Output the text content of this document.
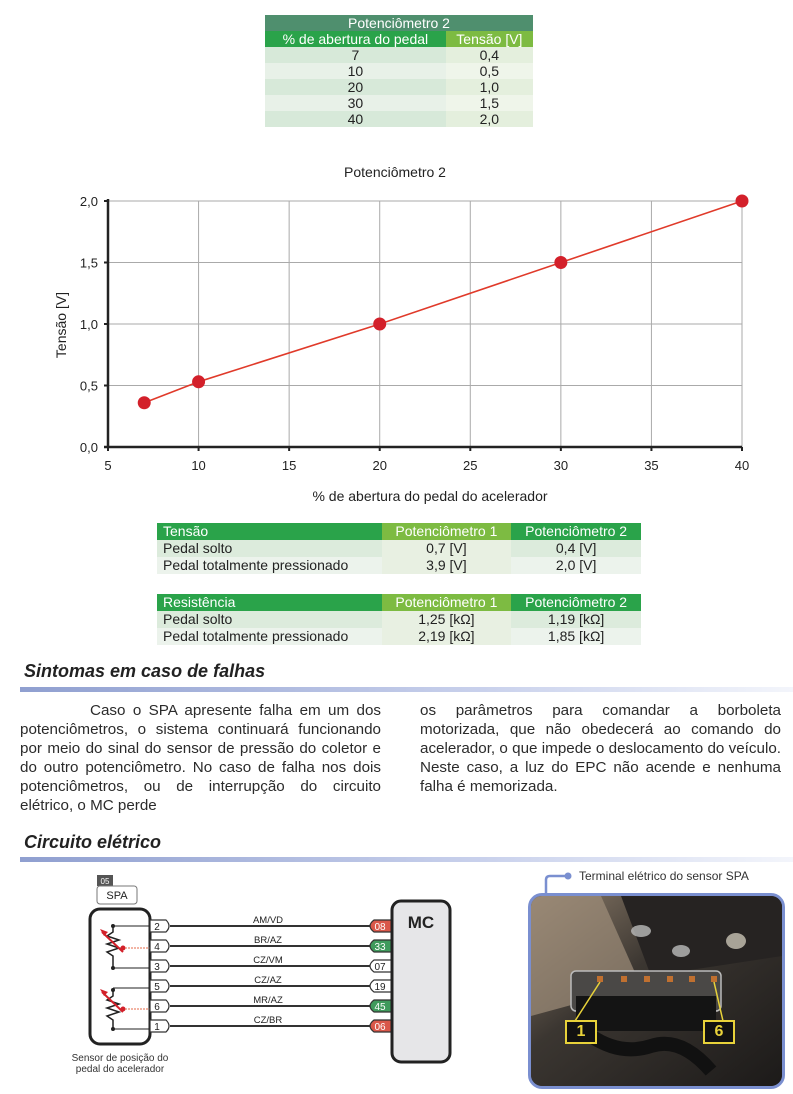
Potenciômetro 2	
% de abertura do pedal	Tensão [V]
7	0,4
10	0,5
20	1,0
30	1,5
40	2,0
Potenciômetro 2
5	10	15	20	25	30	35	40
0,0
0,5
1,0
1,5
2,0
% de abertura do pedal do acelerador
Tensão [V]
Tensão	Potenciômetro 1	Potenciômetro 2
Pedal solto	0,7 [V]	0,4 [V]
Pedal totalmente pressionado	3,9 [V]	2,0 [V]
Resistência	Potenciômetro 1	Potenciômetro 2
Pedal solto	1,25 [kΩ]	1,19 [kΩ]
Pedal totalmente pressionado	2,19 [kΩ]	1,85 [kΩ]
Sintomas em caso de falhas
Caso o SPA apresente falha em um dos potenciômetros, o sistema continuará funcionando por meio do sinal do sensor de pressão do coletor e do outro potenciômetro. No caso de falha nos dois potenciômetros, ou de interrupção do circuito elétrico, o MC perde
os parâmetros para comandar a borboleta motorizada, que não obedecerá ao comando do acelerador, o que impede o deslocamento do veículo. Neste caso, a luz do EPC não acende e nenhuma falha é memorizada.
Circuito elétrico
05
SPA
2
AM/VD
08
4
BR/AZ
33
3
CZ/VM
07
5
CZ/AZ
19
6
MR/AZ
45
1
CZ/BR
06
MC
Sensor de posição do
pedal do acelerador
Terminal elétrico do sensor SPA
1	6
